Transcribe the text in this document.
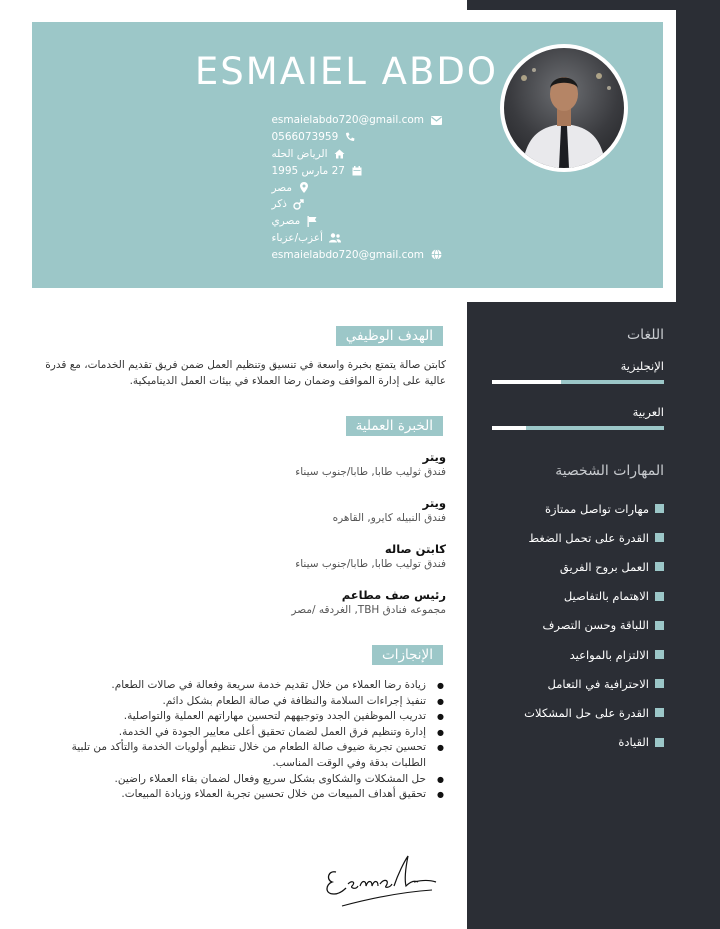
ESMAIEL ABDO
esmaielabdo720@gmail.com
0566073959
الرياض الحله
27 مارس 1995
مصر
ذكر
مصري
أعزب/عزباء
esmaielabdo720@gmail.com
الهدف الوظيفي

كابتن صالة يتمتع بخبرة واسعة في تنسيق وتنظيم العمل ضمن فريق تقديم الخدمات، مع قدرة عالية على إدارة المواقف وضمان رضا العملاء في بيئات العمل الديناميكية.

الخبرة العملية
ويتر
فندق ثوليب طابا, طابا/جنوب سيناء
ويتر
فندق النبيله كايرو, القاهره
كابتن صاله
فندق توليب طابا, طابا/جنوب سيناء
رئيس صف مطاعم
مجموعه فنادق TBH, الغردقه /مصر
الإنجازات
● زيادة رضا العملاء من خلال تقديم خدمة سريعة وفعالة في صالات الطعام.
● تنفيذ إجراءات السلامة والنظافة في صالة الطعام بشكل دائم.
● تدريب الموظفين الجدد وتوجيههم لتحسين مهاراتهم العملية والتواصلية.
● إدارة وتنظيم فرق العمل لضمان تحقيق أعلى معايير الجودة في الخدمة.
● تحسين تجربة ضيوف صالة الطعام من خلال تنظيم أولويات الخدمة والتأكد من تلبية الطلبات بدقة وفي الوقت المناسب.
● حل المشكلات والشكاوى بشكل سريع وفعال لضمان بقاء العملاء راضين.
● تحقيق أهداف المبيعات من خلال تحسين تجربة العملاء وزيادة المبيعات.
اللغات
الإنجليزية
العربية
المهارات الشخصية
مهارات تواصل ممتازة
القدرة على تحمل الضغط
العمل بروح الفريق
الاهتمام بالتفاصيل
اللباقة وحسن التصرف
الالتزام بالمواعيد
الاحترافية في التعامل
القدرة على حل المشكلات
القيادة
